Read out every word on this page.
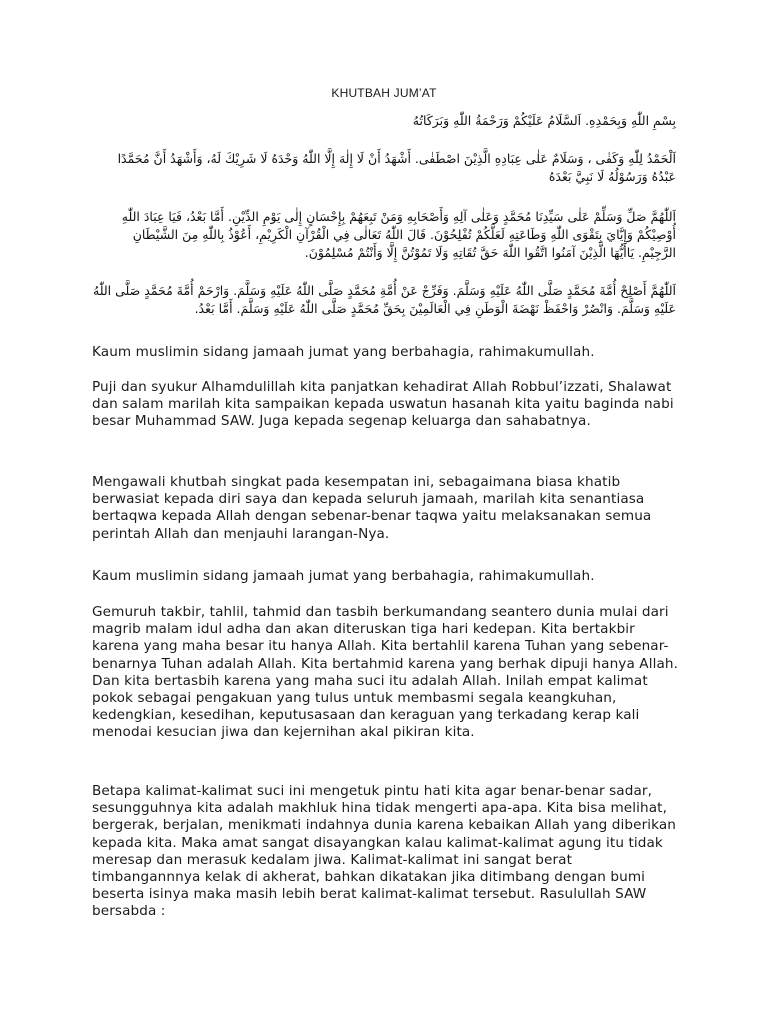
KHUTBAH JUM’AT
بِسْمِ اللّٰهِ وَبِحَمْدِهِ. اَلسَّلَامُ عَلَيْكُمْ وَرَحْمَةُ اللّٰهِ وَبَرَكَاتُهُ
اَلْحَمْدُ لِلّٰهِ وَكَفٰى ، وَسَلَامٌ عَلٰى عِبَادِهِ الَّذِيْنَ اصْطَفٰى. أَشْهَدُ أَنْ لَا إِلٰهَ إِلَّا اللّٰهُ وَحْدَهُ لَا شَرِيْكَ لَهُ، وَأَشْهَدُ أَنَّ مُحَمَّدًا عَبْدُهُ وَرَسُوْلُهُ لَا نَبِيَّ بَعْدَهُ
اَللّٰهُمَّ صَلِّ وَسَلِّمْ عَلٰى سَيِّدِنَا مُحَمَّدٍ وَعَلٰى آلِهِ وَأَصْحَابِهِ وَمَنْ تَبِعَهُمْ بِإِحْسَانٍ إِلٰى يَوْمِ الدِّيْنِ. أَمَّا بَعْدُ، فَيَا عِبَادَ اللّٰهِ أُوْصِيْكُمْ وَإِيَّايَ بِتَقْوَى اللّٰهِ وَطَاعَتِهِ لَعَلَّكُمْ تُفْلِحُوْنَ. قَالَ اللّٰهُ تَعَالٰى فِي الْقُرْآنِ الْكَرِيْمِ، أَعُوْذُ بِاللّٰهِ مِنَ الشَّيْطَانِ الرَّجِيْمِ. يَاأَيُّهَا الَّذِيْنَ آمَنُوا اتَّقُوا اللّٰهَ حَقَّ تُقَاتِهِ وَلَا تَمُوْتُنَّ إِلَّا وَأَنْتُمْ مُسْلِمُوْنَ.
اَللّٰهُمَّ أَصْلِحْ أُمَّةَ مُحَمَّدٍ صَلَّى اللّٰهُ عَلَيْهِ وَسَلَّمَ. وَفَرِّجْ عَنْ أُمَّةِ مُحَمَّدٍ صَلَّى اللّٰهُ عَلَيْهِ وَسَلَّمَ. وَارْحَمْ أُمَّةَ مُحَمَّدٍ صَلَّى اللّٰهُ عَلَيْهِ وَسَلَّمَ. وَانْصُرْ وَاحْفَظْ نَهْضَةَ الْوَطَنِ فِي الْعَالَمِيْنَ بِحَقِّ مُحَمَّدٍ صَلَّى اللّٰهُ عَلَيْهِ وَسَلَّمَ. أَمَّا بَعْدُ.
Kaum muslimin sidang jamaah jumat yang berbahagia, rahimakumullah.
Puji dan syukur Alhamdulillah kita panjatkan kehadirat Allah Robbul’izzati, Shalawat dan salam marilah kita sampaikan kepada uswatun hasanah kita yaitu baginda nabi besar Muhammad SAW. Juga kepada segenap keluarga dan sahabatnya.
Mengawali khutbah singkat pada kesempatan ini, sebagaimana biasa khatib berwasiat kepada diri saya dan kepada seluruh jamaah, marilah kita senantiasa bertaqwa kepada Allah dengan sebenar-benar taqwa yaitu melaksanakan semua perintah Allah dan menjauhi larangan-Nya.
Kaum muslimin sidang jamaah jumat yang berbahagia, rahimakumullah.
Gemuruh takbir, tahlil, tahmid dan tasbih berkumandang seantero dunia mulai dari magrib malam idul adha dan akan diteruskan tiga hari kedepan. Kita bertakbir karena yang maha besar itu hanya Allah. Kita bertahlil karena Tuhan yang sebenar-benarnya Tuhan adalah Allah. Kita bertahmid karena yang berhak dipuji hanya Allah. Dan kita bertasbih karena yang maha suci itu adalah Allah. Inilah empat kalimat pokok sebagai pengakuan yang tulus untuk membasmi segala keangkuhan, kedengkian, kesedihan, keputusasaan dan keraguan yang terkadang kerap kali menodai kesucian jiwa dan kejernihan akal pikiran kita.
Betapa kalimat-kalimat suci ini mengetuk pintu hati kita agar benar-benar sadar, sesungguhnya kita adalah makhluk hina tidak mengerti apa-apa. Kita bisa melihat, bergerak, berjalan, menikmati indahnya dunia karena kebaikan Allah yang diberikan kepada kita. Maka amat sangat disayangkan kalau kalimat-kalimat agung itu tidak meresap dan merasuk kedalam jiwa. Kalimat-kalimat ini sangat berat timbangannnya kelak di akherat, bahkan dikatakan jika ditimbang dengan bumi beserta isinya maka masih lebih berat kalimat-kalimat tersebut. Rasulullah SAW bersabda :
